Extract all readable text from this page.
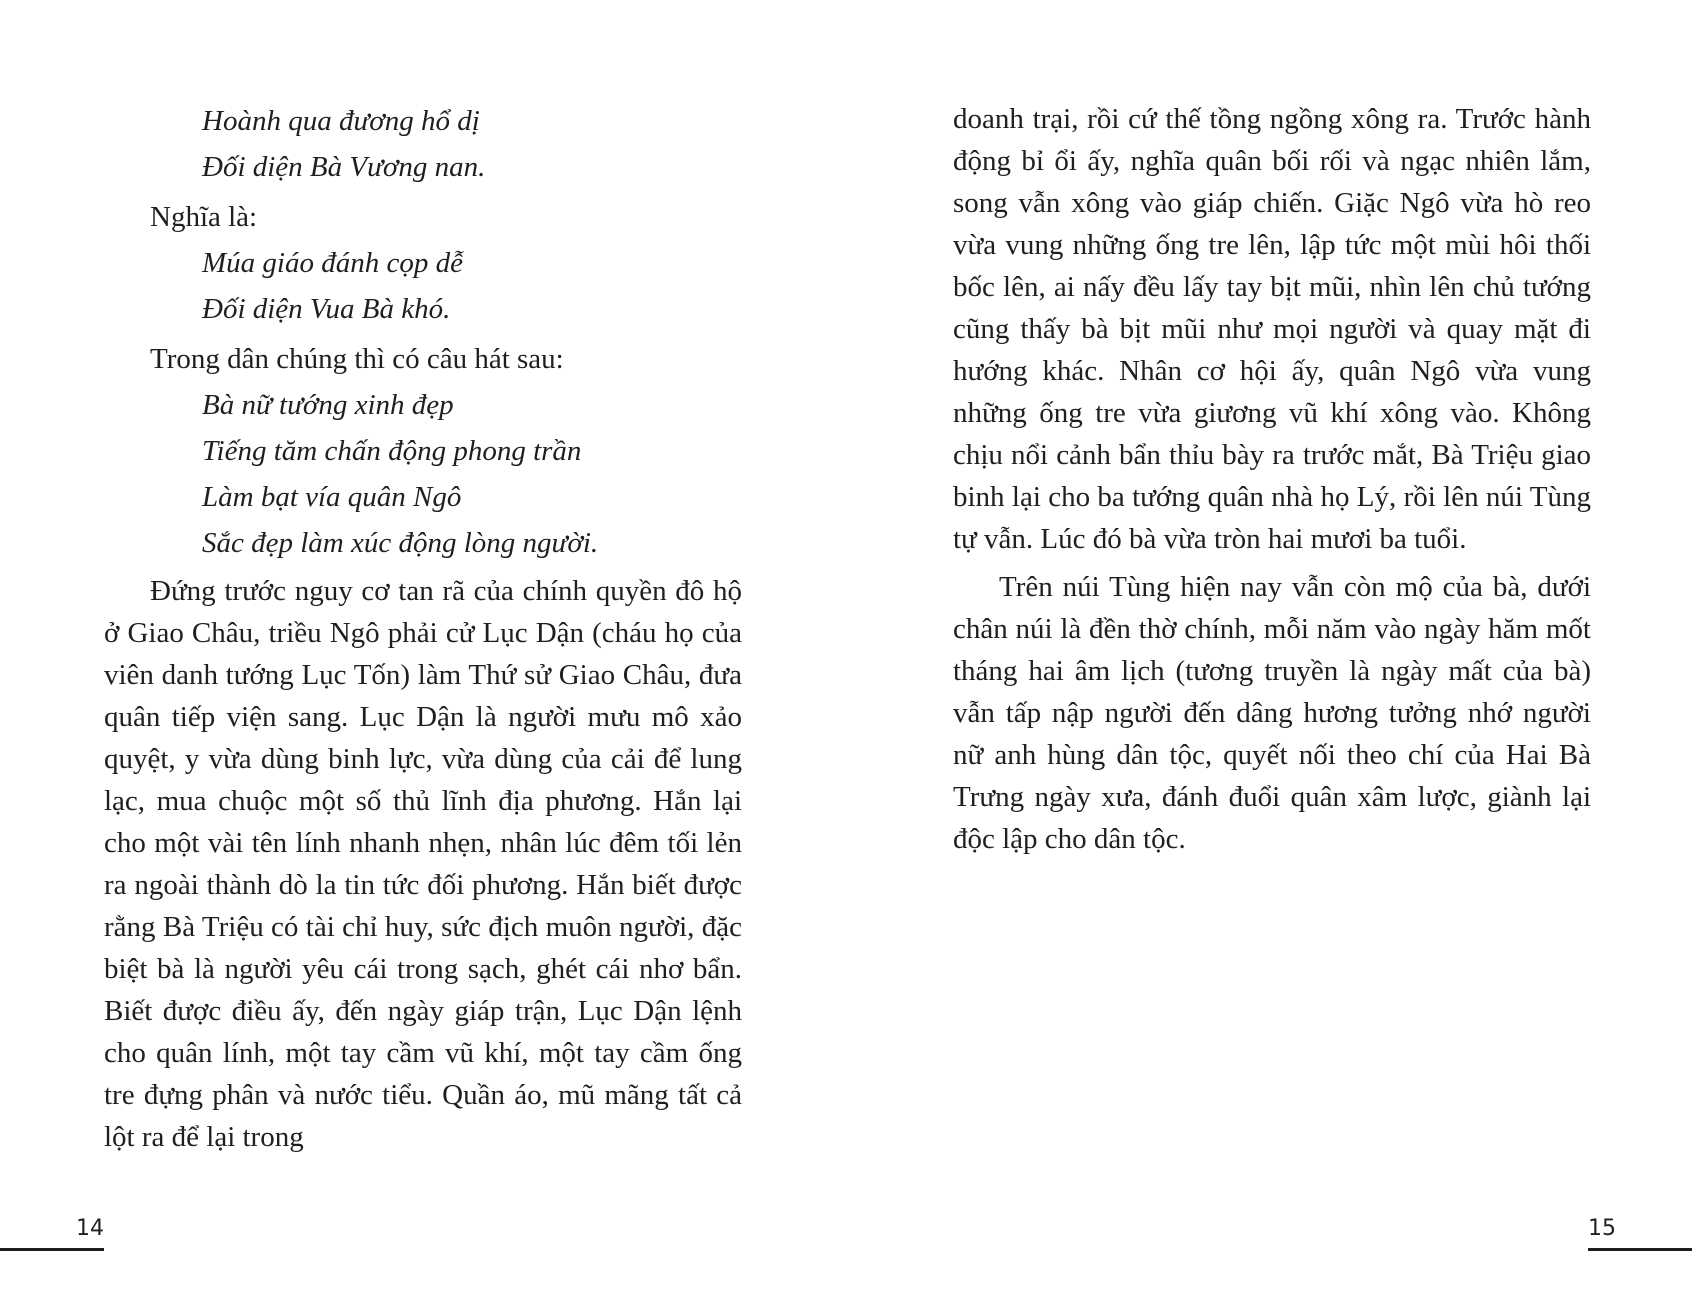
Hoành qua đương hổ dị
Đối diện Bà Vương nan.

Nghĩa là:

Múa giáo đánh cọp dễ
Đối diện Vua Bà khó.

Trong dân chúng thì có câu hát sau:

Bà nữ tướng xinh đẹp
Tiếng tăm chấn động phong trần
Làm bạt vía quân Ngô
Sắc đẹp làm xúc động lòng người.

Đứng trước nguy cơ tan rã của chính quyền đô hộ ở Giao Châu, triều Ngô phải cử Lục Dận (cháu họ của viên danh tướng Lục Tốn) làm Thứ sử Giao Châu, đưa quân tiếp viện sang. Lục Dận là người mưu mô xảo quyệt, y vừa dùng binh lực, vừa dùng của cải để lung lạc, mua chuộc một số thủ lĩnh địa phương. Hắn lại cho một vài tên lính nhanh nhẹn, nhân lúc đêm tối lẻn ra ngoài thành dò la tin tức đối phương. Hắn biết được rằng Bà Triệu có tài chỉ huy, sức địch muôn người, đặc biệt bà là người yêu cái trong sạch, ghét cái nhơ bẩn. Biết được điều ấy, đến ngày giáp trận, Lục Dận lệnh cho quân lính, một tay cầm vũ khí, một tay cầm ống tre đựng phân và nước tiểu. Quần áo, mũ mãng tất cả lột ra để lại trong

14

doanh trại, rồi cứ thế tồng ngồng xông ra. Trước hành động bỉ ổi ấy, nghĩa quân bối rối và ngạc nhiên lắm, song vẫn xông vào giáp chiến. Giặc Ngô vừa hò reo vừa vung những ống tre lên, lập tức một mùi hôi thối bốc lên, ai nấy đều lấy tay bịt mũi, nhìn lên chủ tướng cũng thấy bà bịt mũi như mọi người và quay mặt đi hướng khác. Nhân cơ hội ấy, quân Ngô vừa vung những ống tre vừa giương vũ khí xông vào. Không chịu nổi cảnh bẩn thỉu bày ra trước mắt, Bà Triệu giao binh lại cho ba tướng quân nhà họ Lý, rồi lên núi Tùng tự vẫn. Lúc đó bà vừa tròn hai mươi ba tuổi.

Trên núi Tùng hiện nay vẫn còn mộ của bà, dưới chân núi là đền thờ chính, mỗi năm vào ngày hăm mốt tháng hai âm lịch (tương truyền là ngày mất của bà) vẫn tấp nập người đến dâng hương tưởng nhớ người nữ anh hùng dân tộc, quyết nối theo chí của Hai Bà Trưng ngày xưa, đánh đuổi quân xâm lược, giành lại độc lập cho dân tộc.

15
